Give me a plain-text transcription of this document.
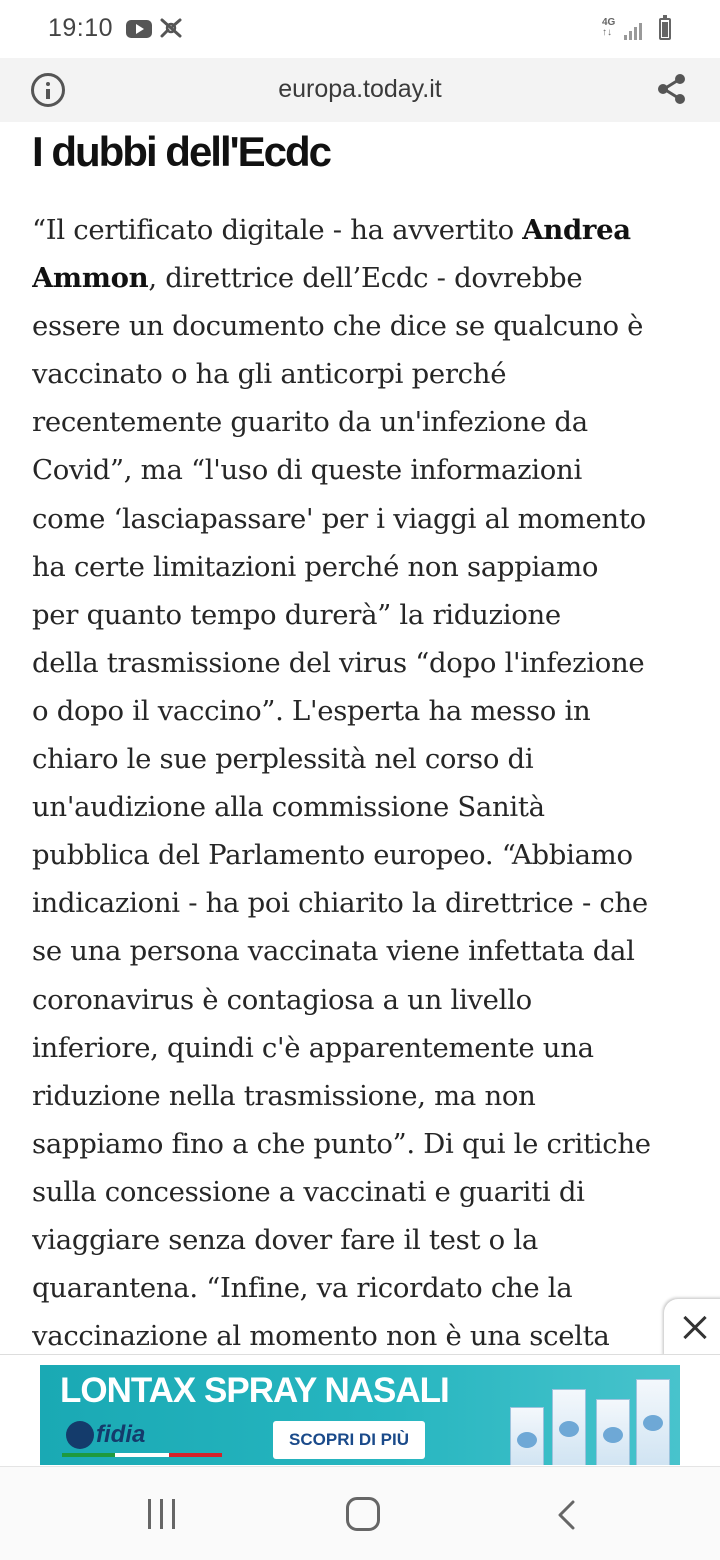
19:10	4G
↑↓
europa.today.it
I dubbi dell'Ecdc
“Il certificato digitale - ha avvertito Andrea
Ammon, direttrice dell’Ecdc - dovrebbe
essere un documento che dice se qualcuno è
vaccinato o ha gli anticorpi perché
recentemente guarito da un'infezione da
Covid”, ma “l'uso di queste informazioni
come ‘lasciapassare' per i viaggi al momento
ha certe limitazioni perché non sappiamo
per quanto tempo durerà” la riduzione
della trasmissione del virus “dopo l'infezione
o dopo il vaccino”. L'esperta ha messo in
chiaro le sue perplessità nel corso di
un'audizione alla commissione Sanità
pubblica del Parlamento europeo. “Abbiamo
indicazioni - ha poi chiarito la direttrice - che
se una persona vaccinata viene infettata dal
coronavirus è contagiosa a un livello
inferiore, quindi c'è apparentemente una
riduzione nella trasmissione, ma non
sappiamo fino a che punto”. Di qui le critiche
sulla concessione a vaccinati e guariti di
viaggiare senza dover fare il test o la
quarantena. “Infine, va ricordato che la
vaccinazione al momento non è una scelta
LONTAX SPRAY NASALI
fidia	SCOPRI DI PIÙ
